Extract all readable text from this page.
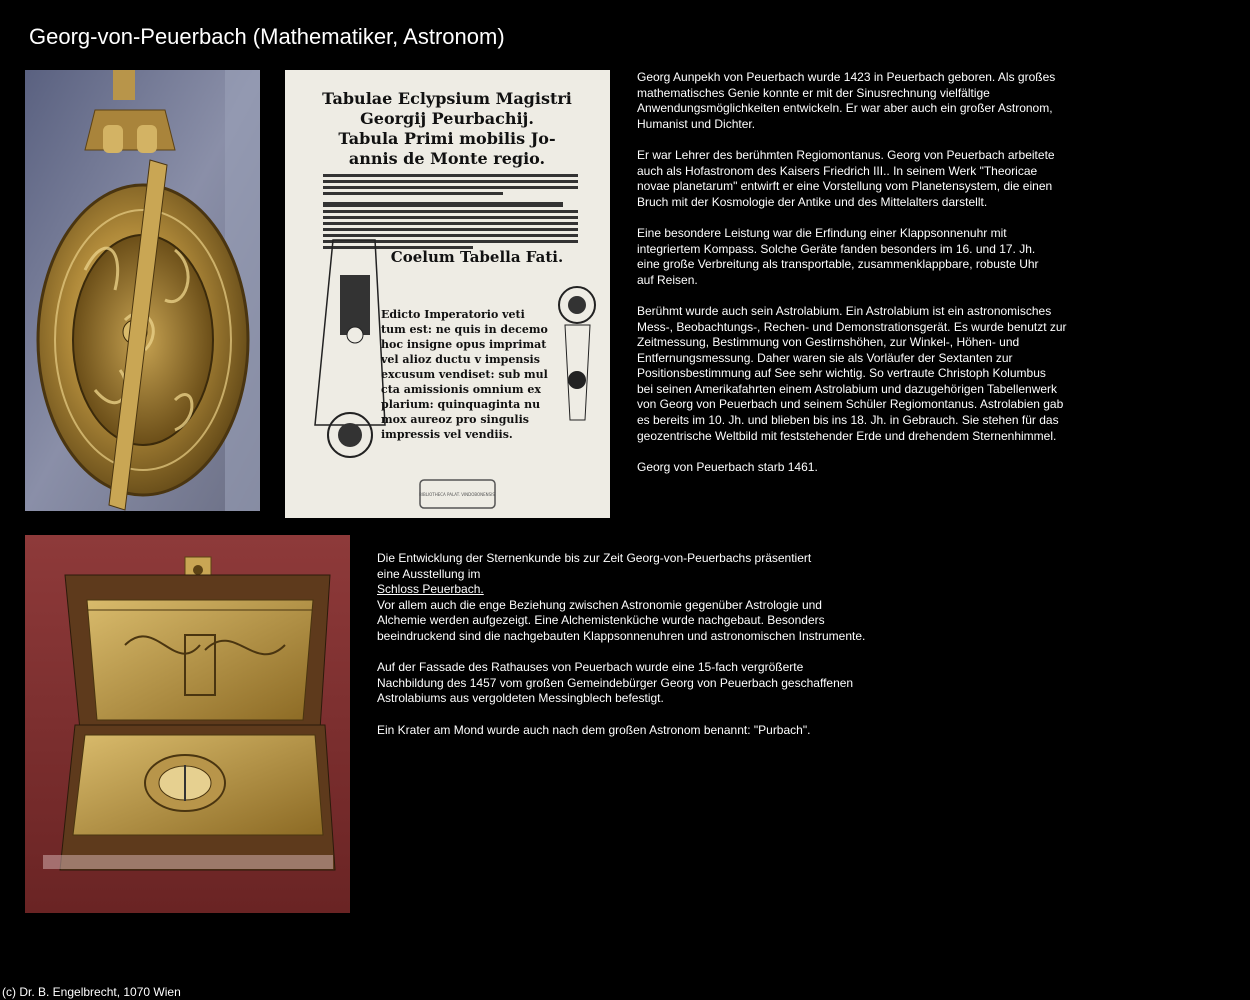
Georg-von-Peuerbach (Mathematiker, Astronom)
Tabulae Eclypsium Magistri
Georgij Peurbachij.
Tabula Primi mobilis Jo-
annis de Monte regio.
Coelum Tabella Fati.
Edicto Imperatorio veti
tum est: ne quis in decemo
hoc insigne opus imprimat
vel alioz ductu v impensis
excusum vendiset: sub mul
cta amissionis omnium ex
plarium: quinquaginta nu
mox aureoz pro singulis
impressis vel vendiis.
BIBLIOTHECA PALAT. VINDOBONENSIS

Georg Aunpekh von Peuerbach wurde 1423 in Peuerbach geboren. Als großes
mathematisches Genie konnte er mit der Sinusrechnung vielfältige
Anwendungsmöglichkeiten entwickeln. Er war aber auch ein großer Astronom,
Humanist und Dichter.

Er war Lehrer des berühmten Regiomontanus. Georg von Peuerbach arbeitete
auch als Hofastronom des Kaisers Friedrich III.. In seinem Werk "Theoricae
novae planetarum" entwirft er eine Vorstellung vom Planetensystem, die einen
Bruch mit der Kosmologie der Antike und des Mittelalters darstellt.

Eine besondere Leistung war die Erfindung einer Klappsonnenuhr mit
integriertem Kompass. Solche Geräte fanden besonders im 16. und 17. Jh.
eine große Verbreitung als transportable, zusammenklappbare, robuste Uhr
auf Reisen.

Berühmt wurde auch sein Astrolabium. Ein Astrolabium ist ein astronomisches
Mess-, Beobachtungs-, Rechen- und Demonstrationsgerät. Es wurde benutzt zur
Zeitmessung, Bestimmung von Gestirnshöhen, zur Winkel-, Höhen- und
Entfernungsmessung. Daher waren sie als Vorläufer der Sextanten zur
Positionsbestimmung auf See sehr wichtig. So vertraute Christoph Kolumbus
bei seinen Amerikafahrten einem Astrolabium und dazugehörigen Tabellenwerk
von Georg von Peuerbach und seinem Schüler Regiomontanus. Astrolabien gab
es bereits im 10. Jh. und blieben bis ins 18. Jh. in Gebrauch. Sie stehen für das
geozentrische Weltbild mit feststehender Erde und drehendem Sternenhimmel.

Georg von Peuerbach starb 1461.

Die Entwicklung der Sternenkunde bis zur Zeit Georg-von-Peuerbachs präsentiert
eine Ausstellung im
Schloss Peuerbach.
Vor allem auch die enge Beziehung zwischen Astronomie gegenüber Astrologie und
Alchemie werden aufgezeigt. Eine Alchemistenküche wurde nachgebaut. Besonders
beeindruckend sind die nachgebauten Klappsonnenuhren und astronomischen Instrumente.

Auf der Fassade des Rathauses von Peuerbach wurde eine 15-fach vergrößerte
Nachbildung des 1457 vom großen Gemeindebürger Georg von Peuerbach geschaffenen
Astrolabiums aus vergoldeten Messingblech befestigt.

Ein Krater am Mond wurde auch nach dem großen Astronom benannt: "Purbach".

(c) Dr. B. Engelbrecht, 1070 Wien
